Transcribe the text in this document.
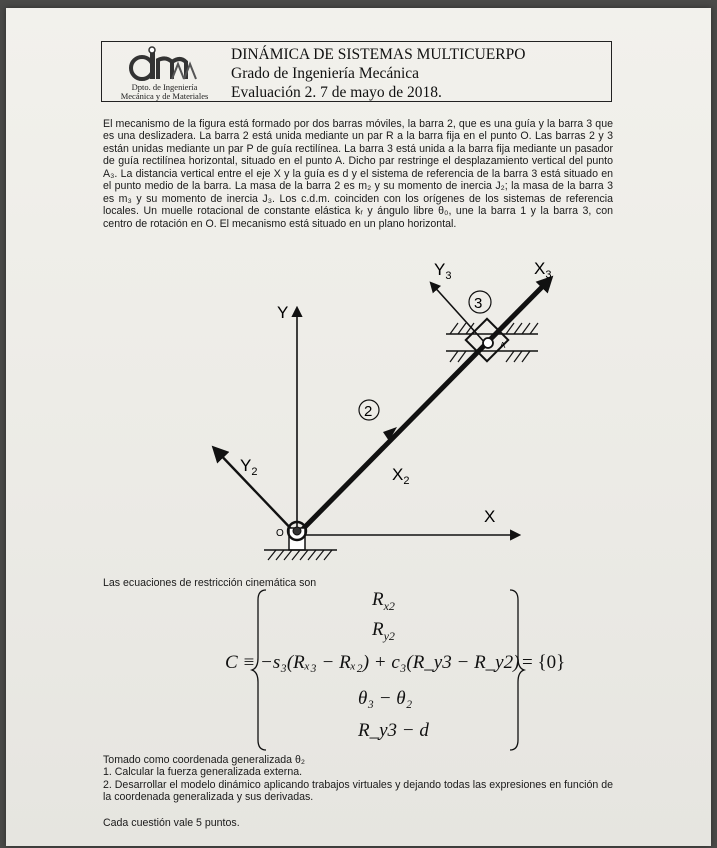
Dpto. de Ingeniería
Mecánica y de Materiales
DINÁMICA DE SISTEMAS MULTICUERPO
Grado de Ingeniería Mecánica
Evaluación 2. 7 de mayo de 2018.

El mecanismo de la figura está formado por dos barras móviles, la barra 2, que es una guía y la barra 3 que es una deslizadera. La barra 2 está unida mediante un par R a la barra fija en el punto O. Las barras 2 y 3 están unidas mediante un par P de guía rectilínea. La barra 3 está unida a la barra fija mediante un pasador de guía rectilínea horizontal, situado en el punto A. Dicho par restringe el desplazamiento vertical del punto A₃. La distancia vertical entre el eje X y la guía es d y el sistema de referencia de la barra 3 está situado en el punto medio de la barra. La masa de la barra 2 es m₂ y su momento de inercia J₂; la masa de la barra 3 es m₃ y su momento de inercia J₃. Los c.d.m. coinciden con los orígenes de los sistemas de referencia locales. Un muelle rotacional de constante elástica kᵣ y ángulo libre θ₀, une la barra 1 y la barra 3, con centro de rotación en O. El mecanismo está situado en un plano horizontal.

Y
X
$Y_2$	$X_2$
$X_3$
$Y_3$
A
2
3
O
Las ecuaciones de restricción cinemática son
C ≡
$R_{x2}$
$R_{y2}$
−s₃(Rₓ₃ − Rₓ₂) + c₃(R_y3 − R_y2)
θ₃ − θ₂
R_y3 − d
= {0}

Tomado como coordenada generalizada θ₂

1. Calcular la fuerza generalizada externa.

2. Desarrollar el modelo dinámico aplicando trabajos virtuales y dejando todas las expresiones en función de la coordenada generalizada y sus derivadas.

Cada cuestión vale 5 puntos.
